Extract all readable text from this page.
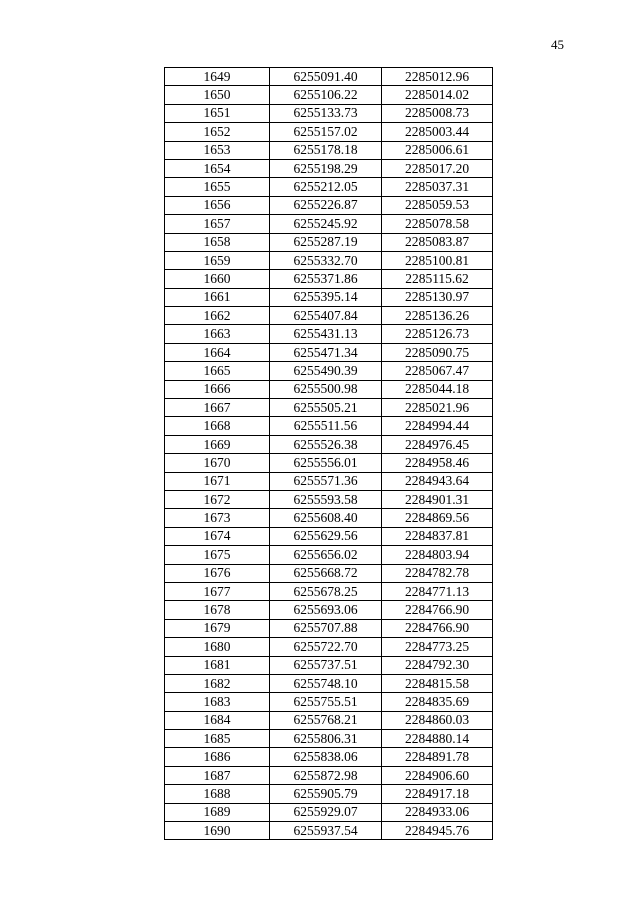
45
1649	6255091.40	2285012.96
1650	6255106.22	2285014.02
1651	6255133.73	2285008.73
1652	6255157.02	2285003.44
1653	6255178.18	2285006.61
1654	6255198.29	2285017.20
1655	6255212.05	2285037.31
1656	6255226.87	2285059.53
1657	6255245.92	2285078.58
1658	6255287.19	2285083.87
1659	6255332.70	2285100.81
1660	6255371.86	2285115.62
1661	6255395.14	2285130.97
1662	6255407.84	2285136.26
1663	6255431.13	2285126.73
1664	6255471.34	2285090.75
1665	6255490.39	2285067.47
1666	6255500.98	2285044.18
1667	6255505.21	2285021.96
1668	6255511.56	2284994.44
1669	6255526.38	2284976.45
1670	6255556.01	2284958.46
1671	6255571.36	2284943.64
1672	6255593.58	2284901.31
1673	6255608.40	2284869.56
1674	6255629.56	2284837.81
1675	6255656.02	2284803.94
1676	6255668.72	2284782.78
1677	6255678.25	2284771.13
1678	6255693.06	2284766.90
1679	6255707.88	2284766.90
1680	6255722.70	2284773.25
1681	6255737.51	2284792.30
1682	6255748.10	2284815.58
1683	6255755.51	2284835.69
1684	6255768.21	2284860.03
1685	6255806.31	2284880.14
1686	6255838.06	2284891.78
1687	6255872.98	2284906.60
1688	6255905.79	2284917.18
1689	6255929.07	2284933.06
1690	6255937.54	2284945.76
